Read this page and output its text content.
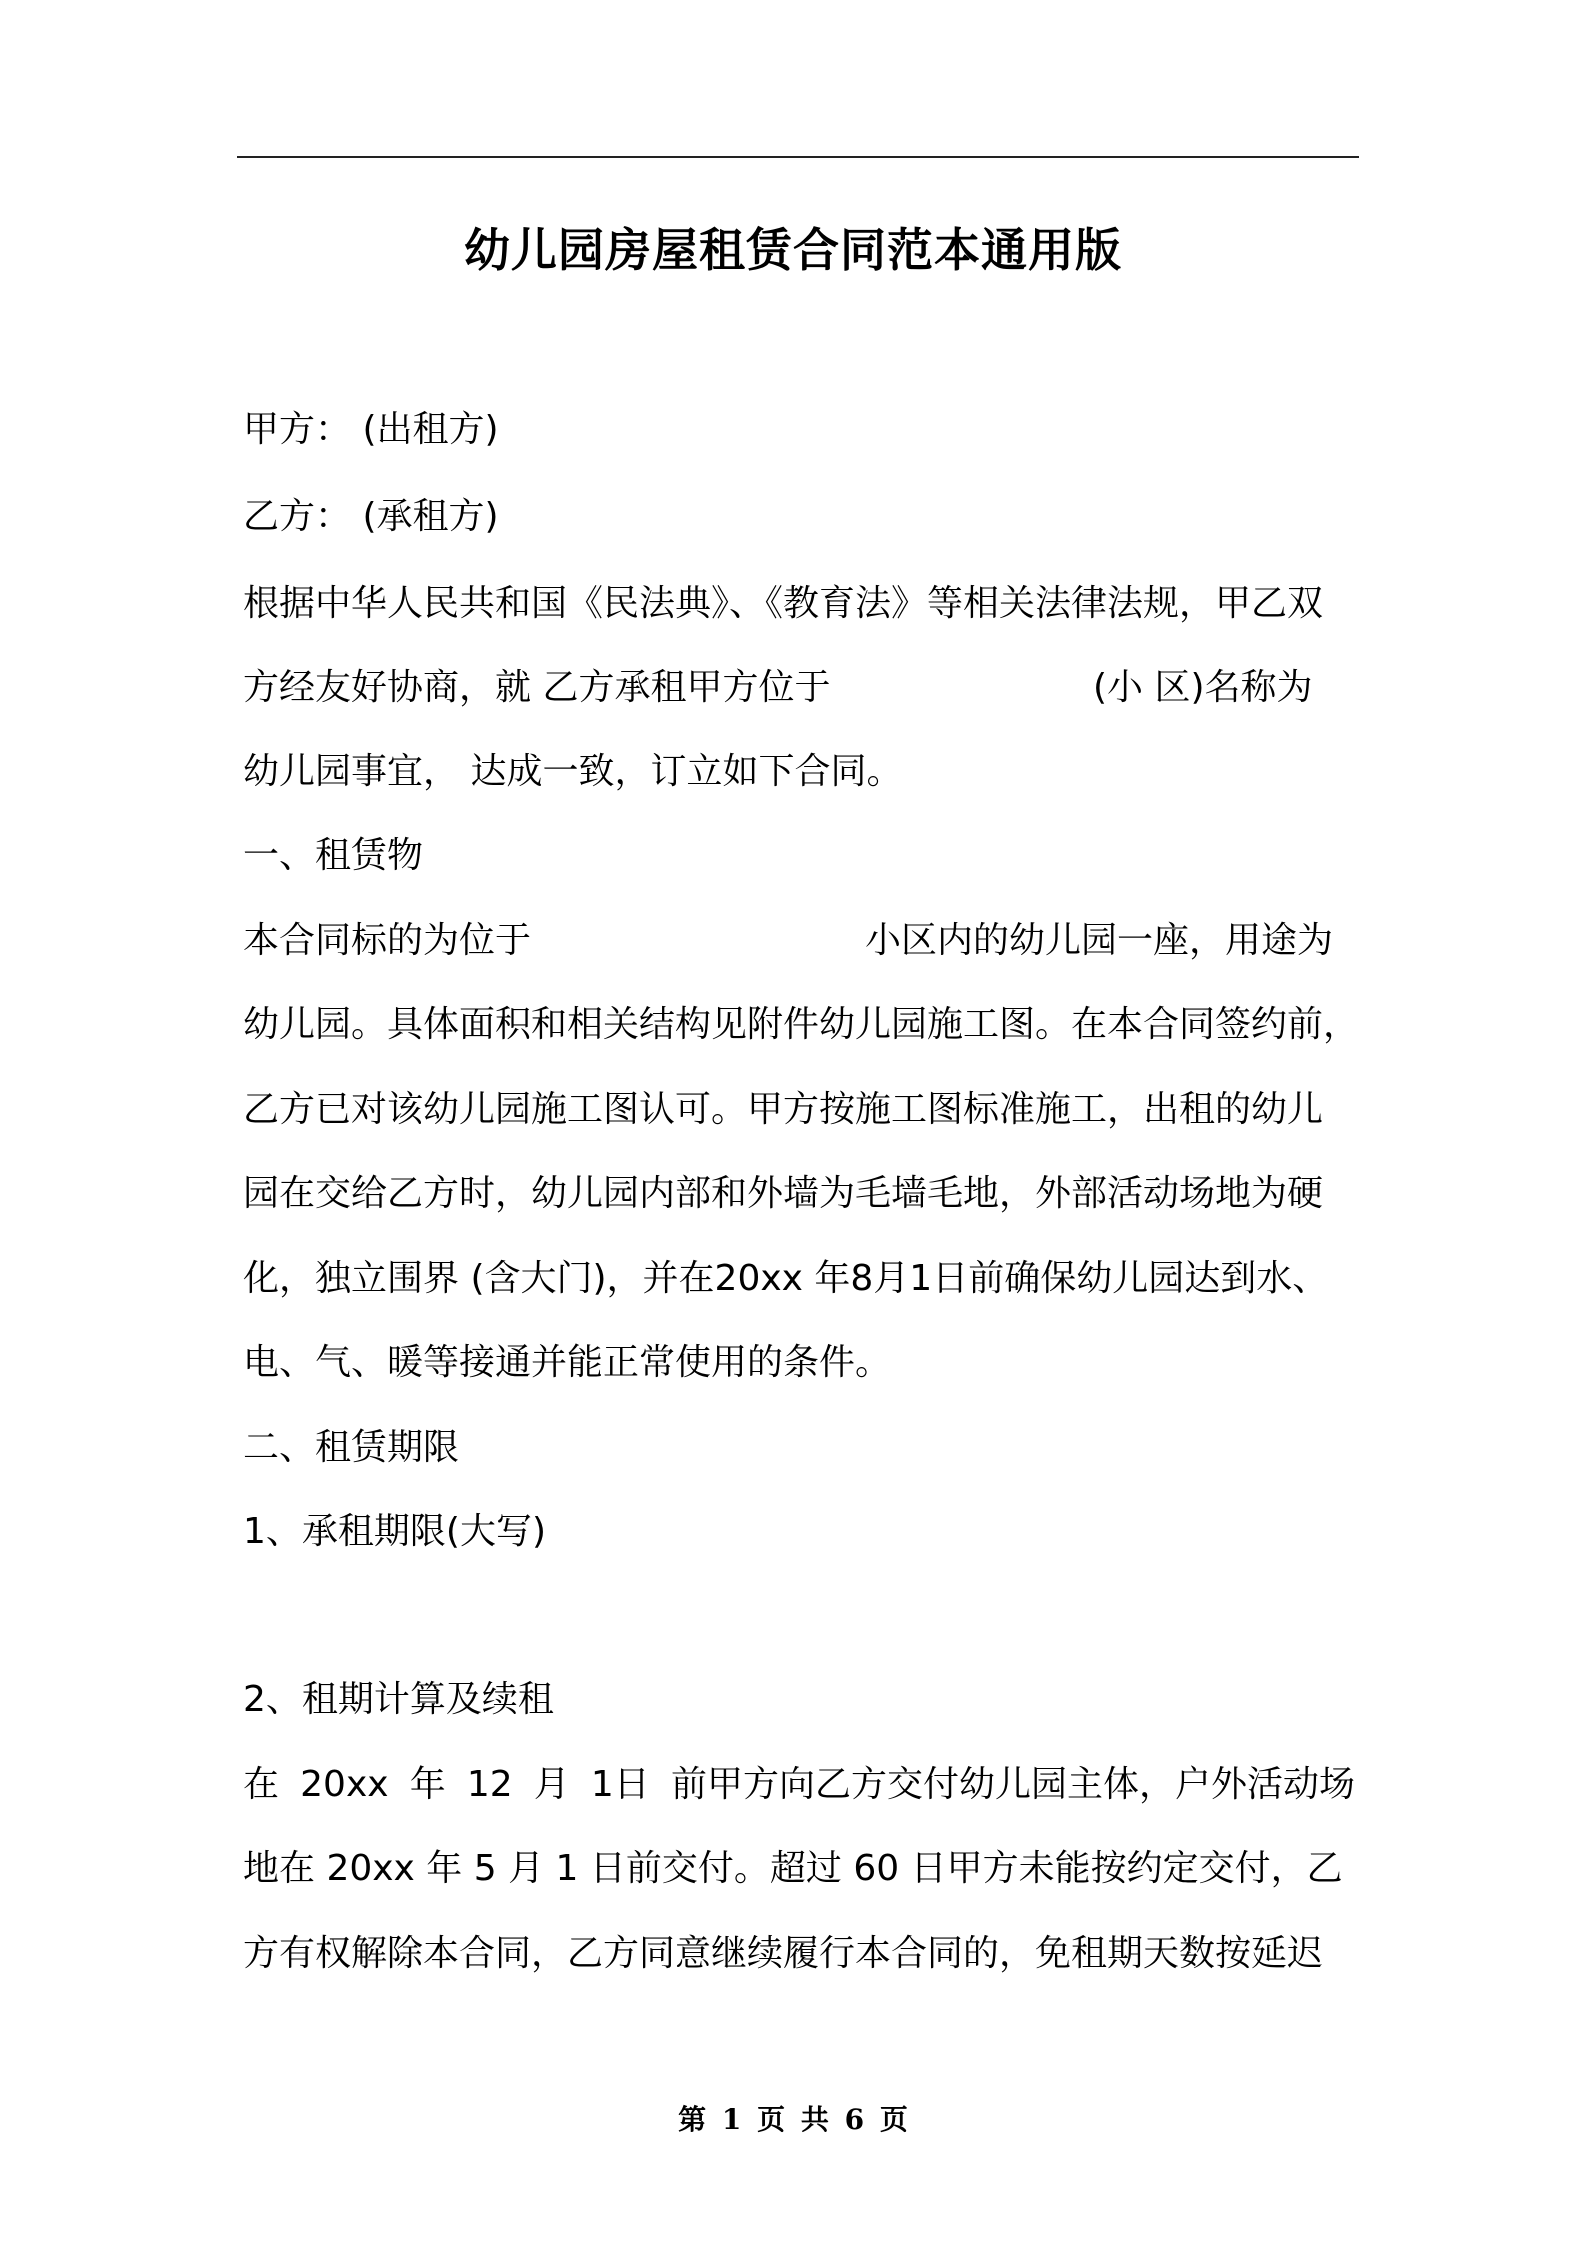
幼儿园房屋租赁合同范本通用版
甲方： (出租方)
乙方： (承租方)
根据中华人民共和国《民法典》、《教育法》等相关法律法规，甲乙双
方经友好协商，就 乙方承租甲方位于	(小 区)名称为
幼儿园事宜， 达成一致，订立如下合同。
一、租赁物
本合同标的为位于	小区内的幼儿园一座，用途为
幼儿园。具体面积和相关结构见附件幼儿园施工图。在本合同签约前，
乙方已对该幼儿园施工图认可。甲方按施工图标准施工，出租的幼儿
园在交给乙方时，幼儿园内部和外墙为毛墙毛地，外部活动场地为硬
化，独立围界 (含大门)，并在20xx 年8月1日前确保幼儿园达到水、
电、气、暖等接通并能正常使用的条件。
二、租赁期限
1、承租期限(大写)
2、租期计算及续租
在 20xx 年 12 月 1日 前甲方向乙方交付幼儿园主体，户外活动场
地在 20xx 年 5 月 1 日前交付。超过 60 日甲方未能按约定交付，乙
方有权解除本合同，乙方同意继续履行本合同的，免租期天数按延迟
第 1 页 共 6 页
